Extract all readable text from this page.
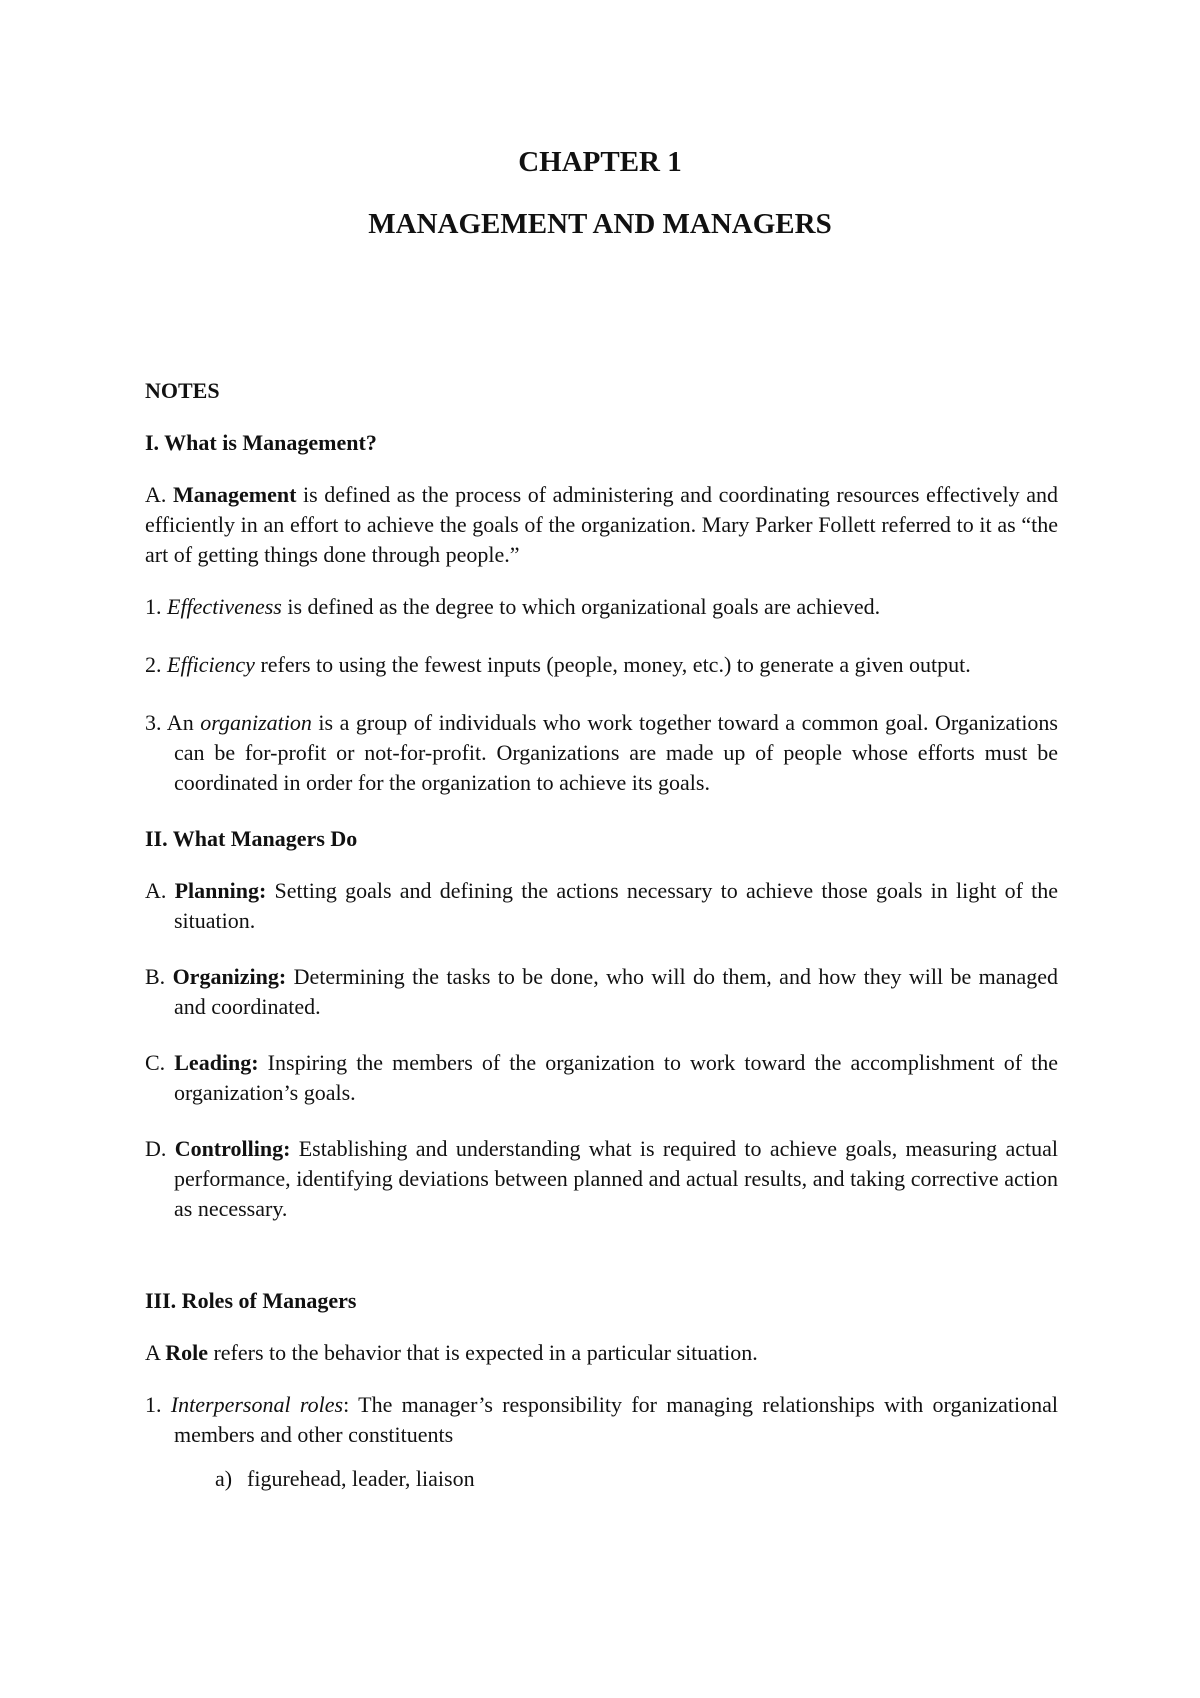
CHAPTER 1
MANAGEMENT AND MANAGERS

NOTES

I. What is Management?

A. Management is defined as the process of administering and coordinating resources effectively and efficiently in an effort to achieve the goals of the organization. Mary Parker Follett referred to it as “the art of getting things done through people.”

1. Effectiveness is defined as the degree to which organizational goals are achieved.

2. Efficiency refers to using the fewest inputs (people, money, etc.) to generate a given output.

3. An organization is a group of individuals who work together toward a common goal. Organizations can be for-profit or not-for-profit. Organizations are made up of people whose efforts must be coordinated in order for the organization to achieve its goals.

II. What Managers Do

A. Planning: Setting goals and defining the actions necessary to achieve those goals in light of the situation.

B. Organizing: Determining the tasks to be done, who will do them, and how they will be managed and coordinated.

C. Leading: Inspiring the members of the organization to work toward the accomplishment of the organization’s goals.

D. Controlling: Establishing and understanding what is required to achieve goals, measuring actual performance, identifying deviations between planned and actual results, and taking corrective action as necessary.

III. Roles of Managers

A Role refers to the behavior that is expected in a particular situation.

1. Interpersonal roles: The manager’s responsibility for managing relationships with organizational members and other constituents

a) figurehead, leader, liaison
